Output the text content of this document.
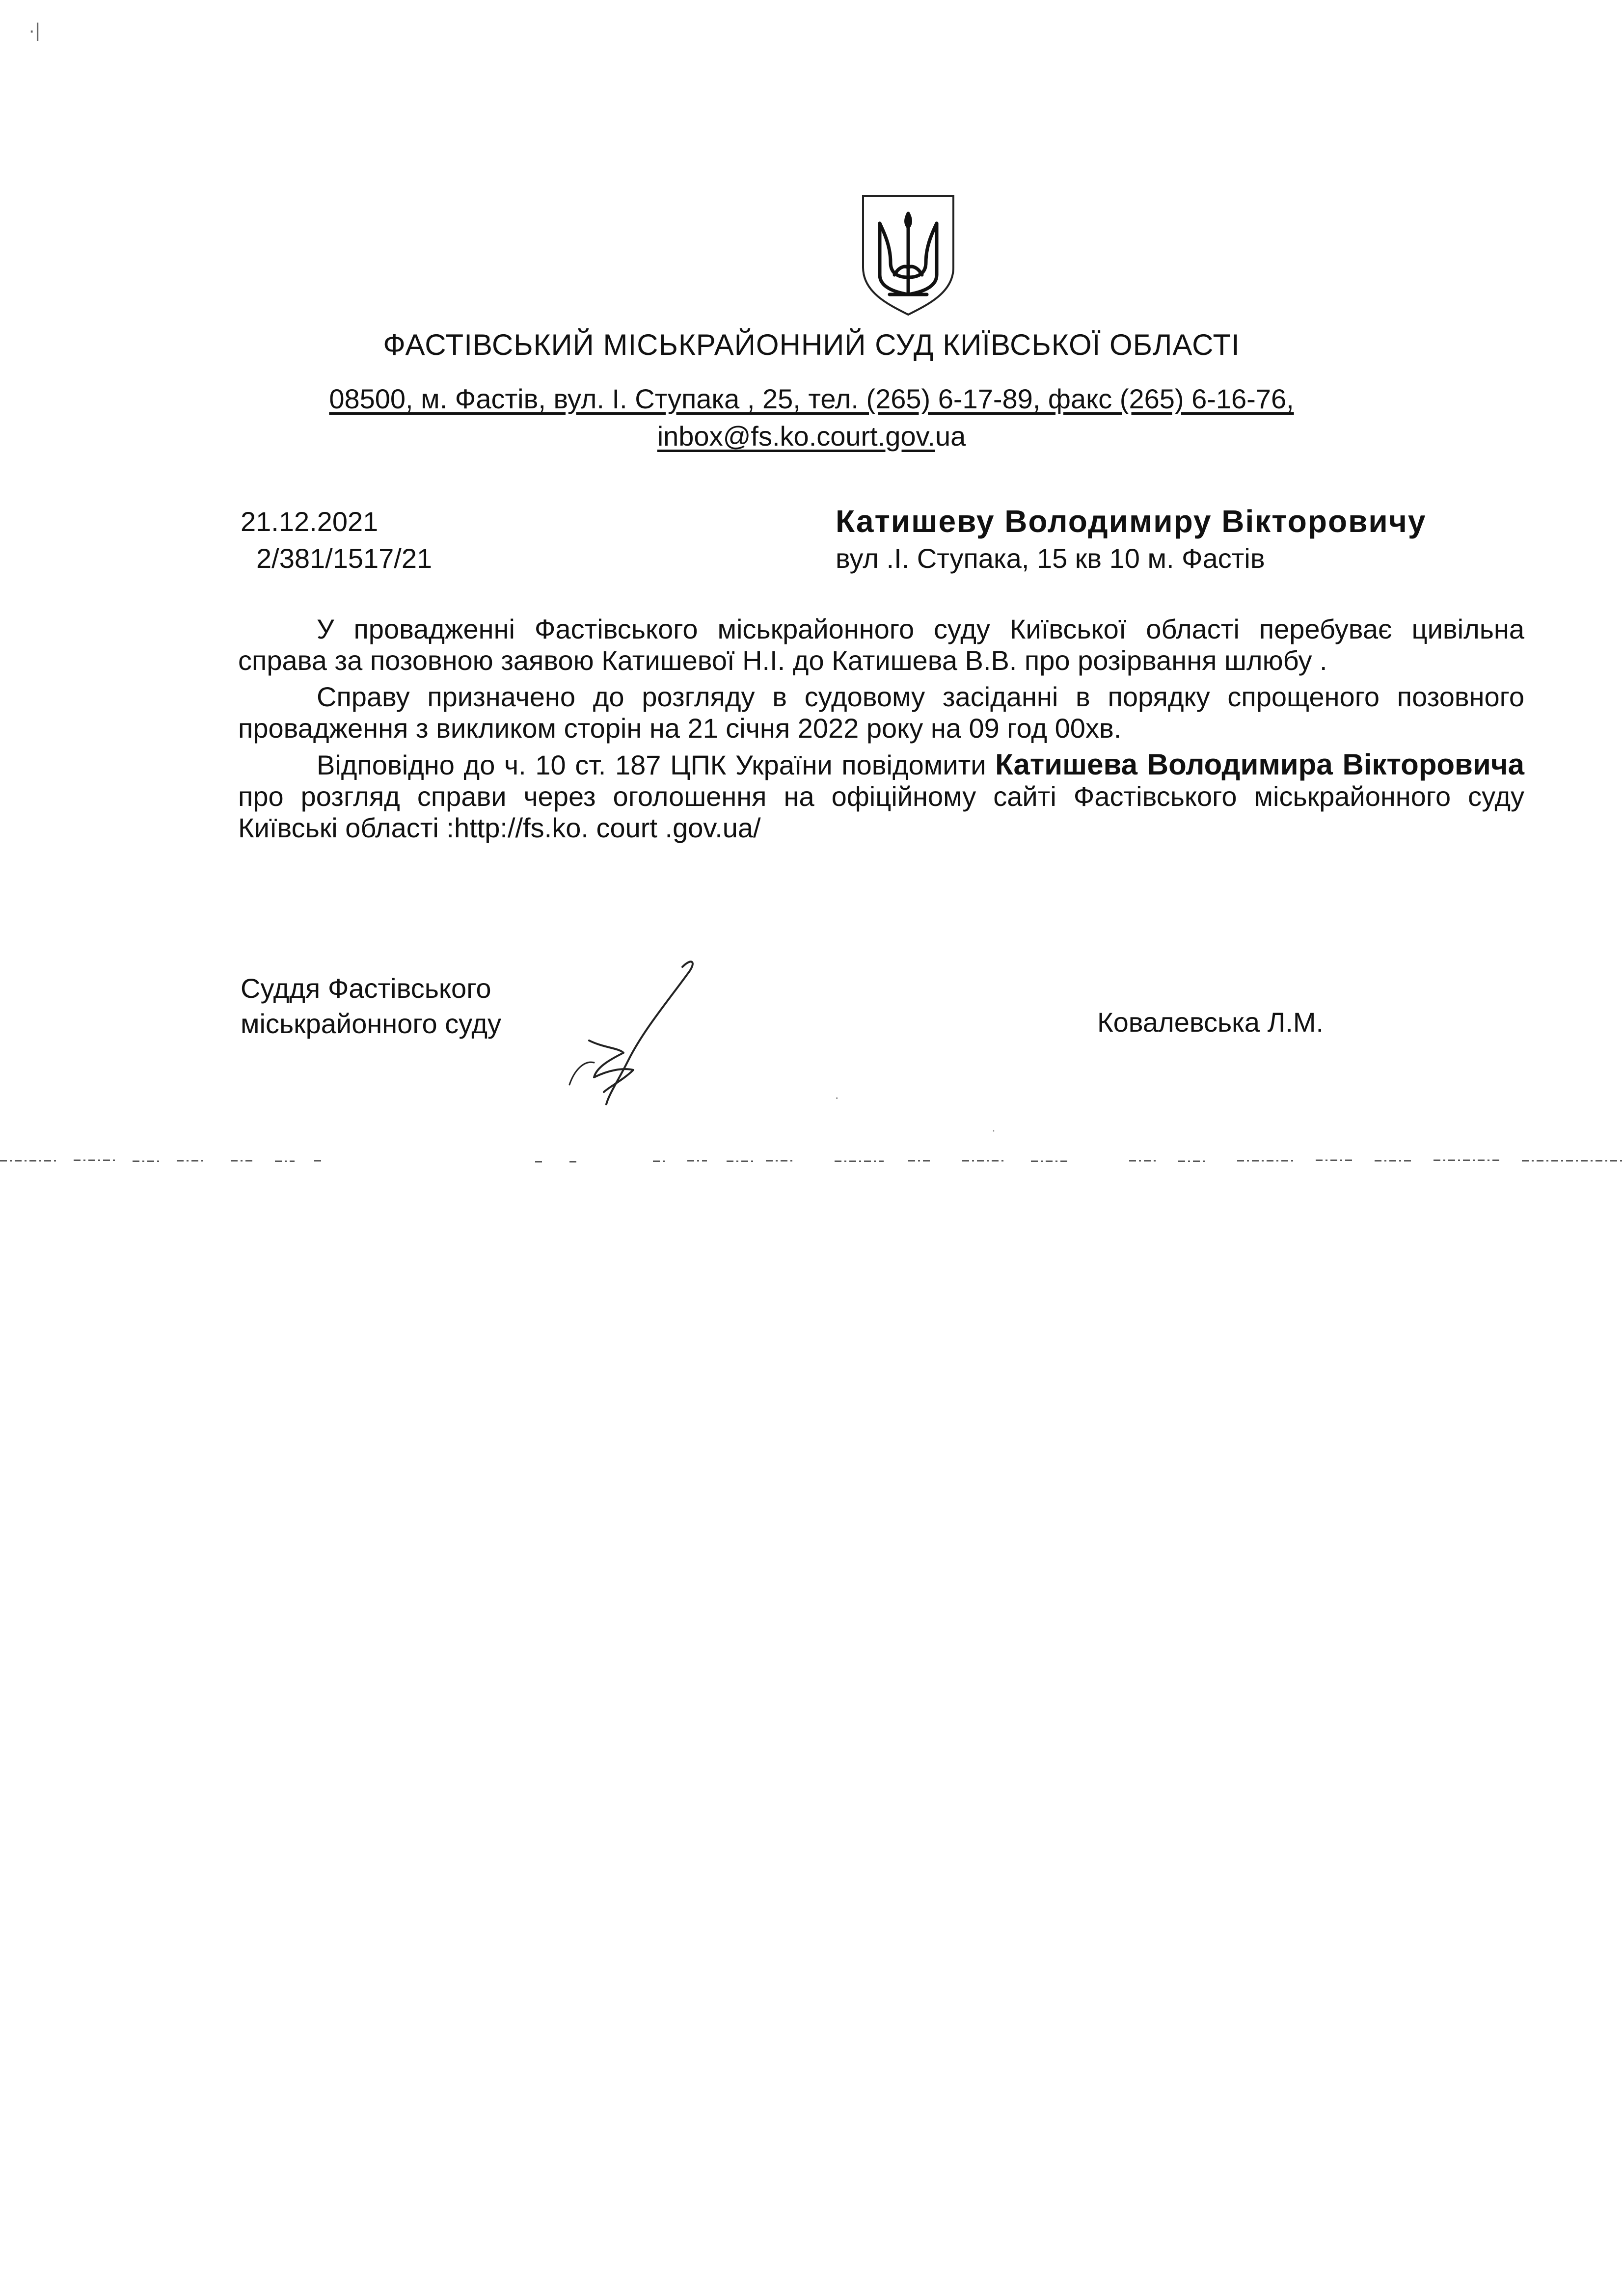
·|
ФАСТІВСЬКИЙ МІСЬКРАЙОННИЙ СУД КИЇВСЬКОЇ ОБЛАСТІ
08500, м. Фастів, вул. І. Ступака , 25, тел. (265) 6-17-89, факс (265) 6-16-76,
inbox@fs.ko.court.gov.ua
21.12.2021
2/381/1517/21
Катишеву Володимиру Вікторовичу
вул .І. Ступака, 15 кв 10 м. Фастів

У провадженні Фастівського міськрайонного суду Київської області перебуває цивільна справа за позовною заявою Катишевої Н.І. до Катишева В.В. про розірвання шлюбу .

Справу призначено до розгляду в судовому засіданні в порядку спрощеного позовного провадження з викликом сторін на 21 січня 2022 року на 09 год 00хв.

Відповідно до ч. 10 ст. 187 ЦПК України повідомити Катишева Володимира Вікторовича про розгляд справи через оголошення на офіційному сайті Фастівського міськрайонного суду Київські області :http://fs.ko. court .gov.ua/

Суддя Фастівського
міськрайонного суду	Ковалевська Л.М.
·
·
